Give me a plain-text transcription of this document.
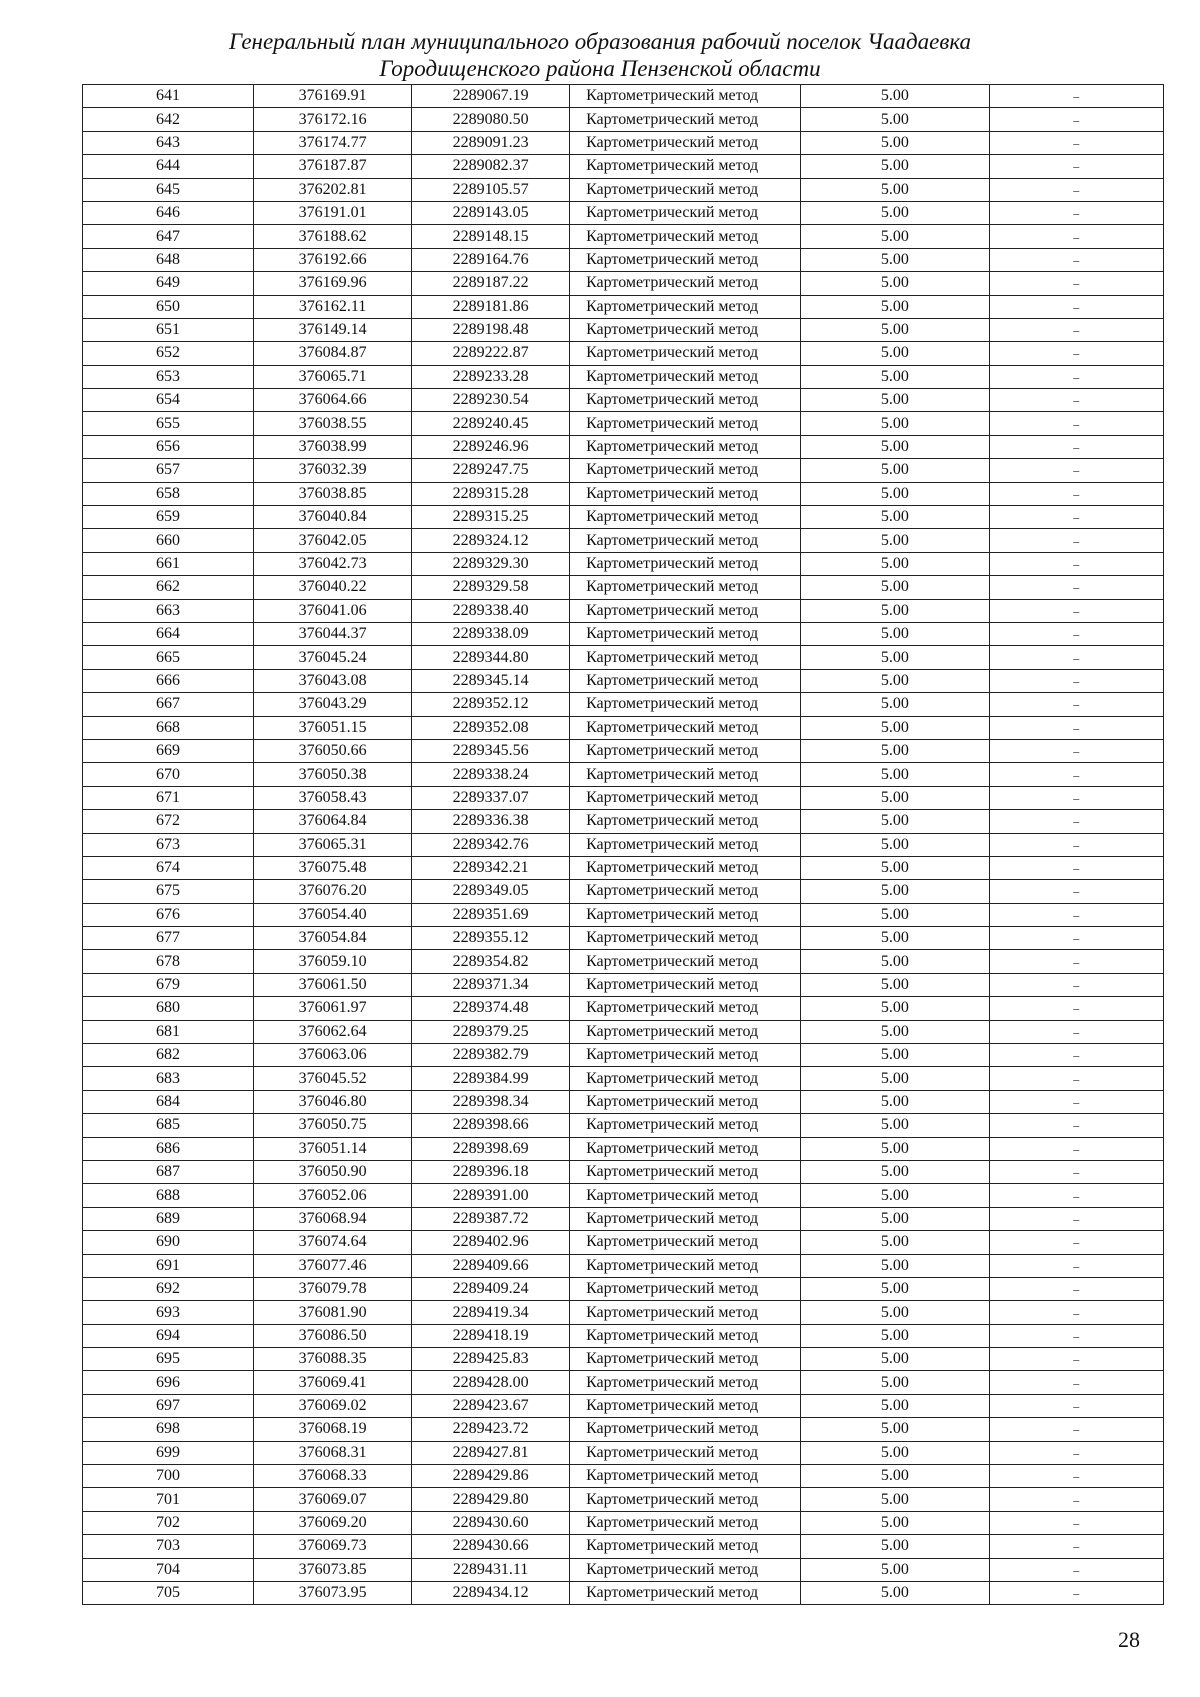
Генеральный план муниципального образования рабочий поселок Чаадаевка
Городищенского района Пензенской области
641	376169.91	2289067.19	Картометрический метод	5.00	–
642	376172.16	2289080.50	Картометрический метод	5.00	–
643	376174.77	2289091.23	Картометрический метод	5.00	–
644	376187.87	2289082.37	Картометрический метод	5.00	–
645	376202.81	2289105.57	Картометрический метод	5.00	–
646	376191.01	2289143.05	Картометрический метод	5.00	–
647	376188.62	2289148.15	Картометрический метод	5.00	–
648	376192.66	2289164.76	Картометрический метод	5.00	–
649	376169.96	2289187.22	Картометрический метод	5.00	–
650	376162.11	2289181.86	Картометрический метод	5.00	–
651	376149.14	2289198.48	Картометрический метод	5.00	–
652	376084.87	2289222.87	Картометрический метод	5.00	–
653	376065.71	2289233.28	Картометрический метод	5.00	–
654	376064.66	2289230.54	Картометрический метод	5.00	–
655	376038.55	2289240.45	Картометрический метод	5.00	–
656	376038.99	2289246.96	Картометрический метод	5.00	–
657	376032.39	2289247.75	Картометрический метод	5.00	–
658	376038.85	2289315.28	Картометрический метод	5.00	–
659	376040.84	2289315.25	Картометрический метод	5.00	–
660	376042.05	2289324.12	Картометрический метод	5.00	–
661	376042.73	2289329.30	Картометрический метод	5.00	–
662	376040.22	2289329.58	Картометрический метод	5.00	–
663	376041.06	2289338.40	Картометрический метод	5.00	–
664	376044.37	2289338.09	Картометрический метод	5.00	–
665	376045.24	2289344.80	Картометрический метод	5.00	–
666	376043.08	2289345.14	Картометрический метод	5.00	–
667	376043.29	2289352.12	Картометрический метод	5.00	–
668	376051.15	2289352.08	Картометрический метод	5.00	–
669	376050.66	2289345.56	Картометрический метод	5.00	–
670	376050.38	2289338.24	Картометрический метод	5.00	–
671	376058.43	2289337.07	Картометрический метод	5.00	–
672	376064.84	2289336.38	Картометрический метод	5.00	–
673	376065.31	2289342.76	Картометрический метод	5.00	–
674	376075.48	2289342.21	Картометрический метод	5.00	–
675	376076.20	2289349.05	Картометрический метод	5.00	–
676	376054.40	2289351.69	Картометрический метод	5.00	–
677	376054.84	2289355.12	Картометрический метод	5.00	–
678	376059.10	2289354.82	Картометрический метод	5.00	–
679	376061.50	2289371.34	Картометрический метод	5.00	–
680	376061.97	2289374.48	Картометрический метод	5.00	–
681	376062.64	2289379.25	Картометрический метод	5.00	–
682	376063.06	2289382.79	Картометрический метод	5.00	–
683	376045.52	2289384.99	Картометрический метод	5.00	–
684	376046.80	2289398.34	Картометрический метод	5.00	–
685	376050.75	2289398.66	Картометрический метод	5.00	–
686	376051.14	2289398.69	Картометрический метод	5.00	–
687	376050.90	2289396.18	Картометрический метод	5.00	–
688	376052.06	2289391.00	Картометрический метод	5.00	–
689	376068.94	2289387.72	Картометрический метод	5.00	–
690	376074.64	2289402.96	Картометрический метод	5.00	–
691	376077.46	2289409.66	Картометрический метод	5.00	–
692	376079.78	2289409.24	Картометрический метод	5.00	–
693	376081.90	2289419.34	Картометрический метод	5.00	–
694	376086.50	2289418.19	Картометрический метод	5.00	–
695	376088.35	2289425.83	Картометрический метод	5.00	–
696	376069.41	2289428.00	Картометрический метод	5.00	–
697	376069.02	2289423.67	Картометрический метод	5.00	–
698	376068.19	2289423.72	Картометрический метод	5.00	–
699	376068.31	2289427.81	Картометрический метод	5.00	–
700	376068.33	2289429.86	Картометрический метод	5.00	–
701	376069.07	2289429.80	Картометрический метод	5.00	–
702	376069.20	2289430.60	Картометрический метод	5.00	–
703	376069.73	2289430.66	Картометрический метод	5.00	–
704	376073.85	2289431.11	Картометрический метод	5.00	–
705	376073.95	2289434.12	Картометрический метод	5.00	–
28
